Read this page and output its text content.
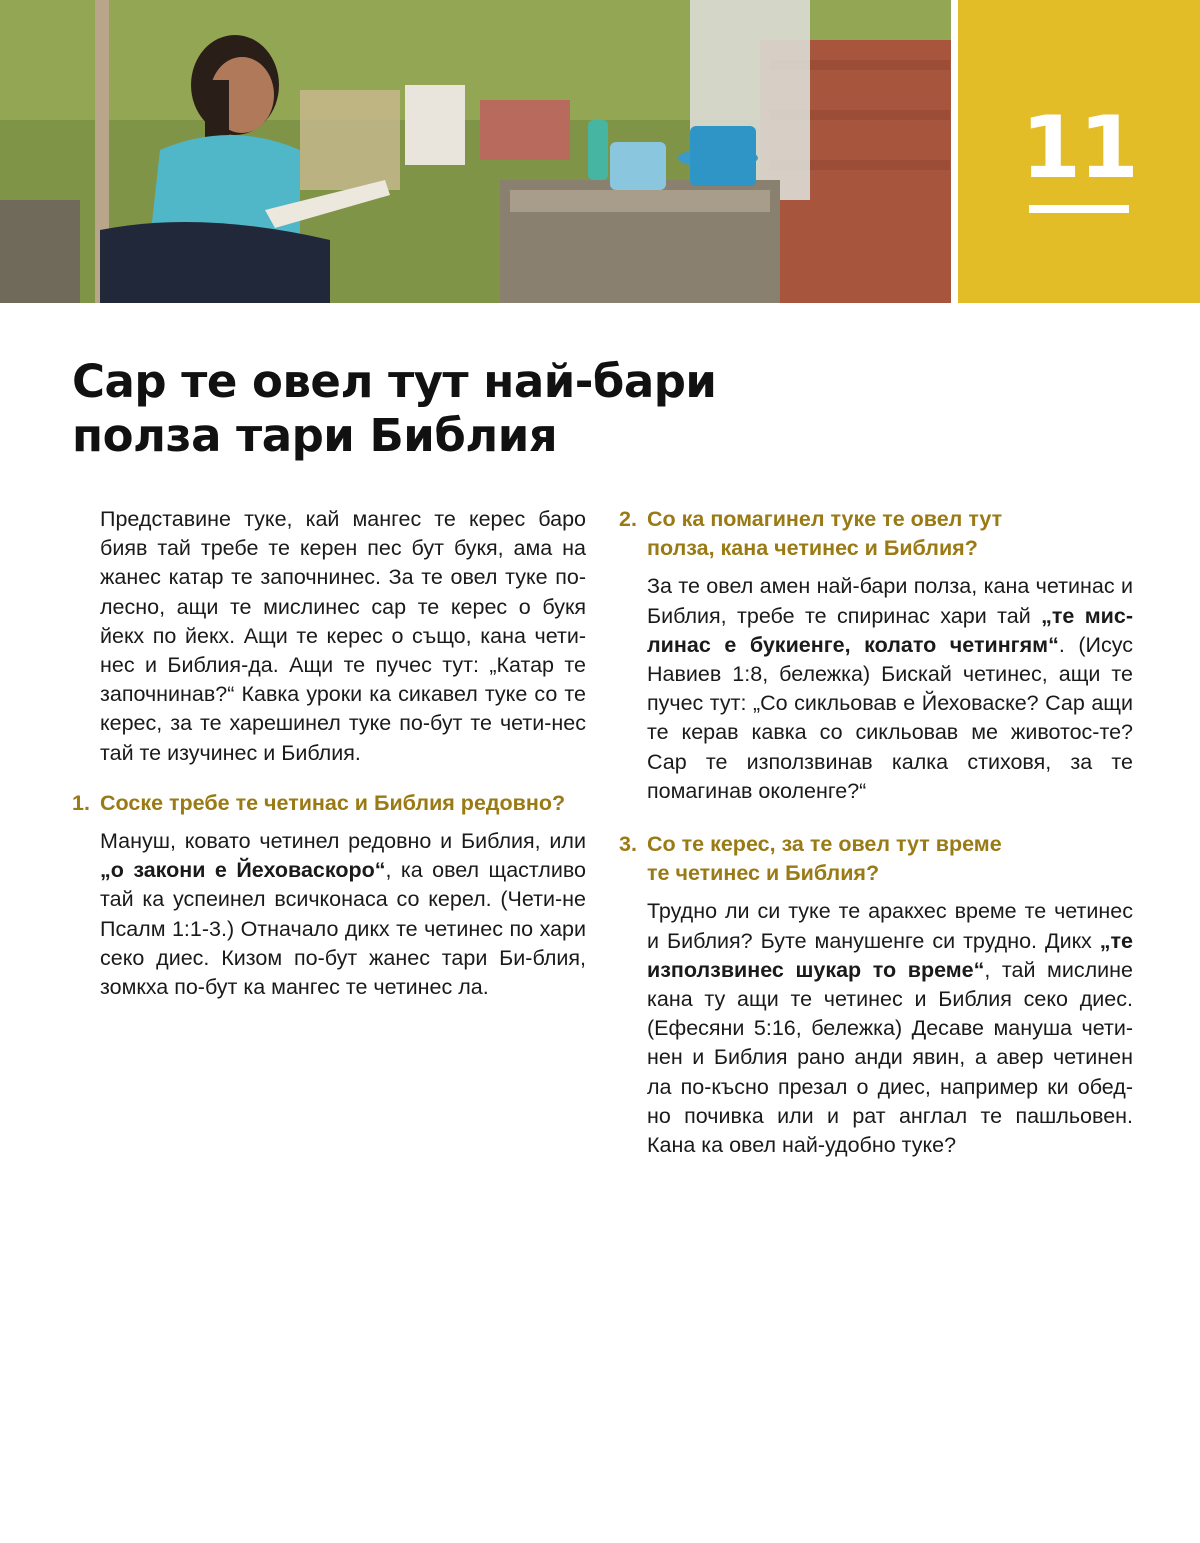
11
Сар те овел тут най-бари
полза тари Библия

Представине туке, кай мангес те керес баро бияв тай требе те керен пес бут букя, ама на жанес катар те започнинес. За те овел туке по-лесно, ащи те мислинес сар те керес о букя йекх по йекх. Ащи те керес о също, кана чети-нес и Библия-да. Ащи те пучес тут: „Катар те започнинав?“ Кавка уроки ка сикавел туке со те керес, за те харешинел туке по-бут те чети-нес тай те изучинес и Библия.

1. Соске требе те четинас и Библия редовно?

Мануш, ковато четинел редовно и Библия, или „о закони е Йеховаскоро“, ка овел щастливо тай ка успеинел всичконаса со керел. (Чети-не Псалм 1:1-3.) Отначало дикх те четинес по хари секо диес. Кизом по-бут жанес тари Би-блия, зомкха по-бут ка мангес те четинес ла.

2. Со ка помагинел туке те овел тут
полза, кана четинес и Библия?

За те овел амен най-бари полза, кана четинас и Библия, требе те спиринас хари тай „те мис-линас е букиенге, колато четингям“. (Исус Навиев 1:8, бележка) Бискай четинес, ащи те пучес тут: „Со сикльовав е Йеховаске? Сар ащи те керав кавка со сикльовав ме животос-те? Сар те използвинав калка стиховя, за те помагинав околенге?“

3. Со те керес, за те овел тут време
те четинес и Библия?

Трудно ли си туке те аракхес време те четинес и Библия? Буте манушенге си трудно. Дикх „те използвинес шукар то време“, тай мислине кана ту ащи те четинес и Библия секо диес. (Ефесяни 5:16, бележка) Десаве мануша чети-нен и Библия рано анди явин, а авер четинен ла по-късно презал о диес, например ки обед-но почивка или и рат англал те пашльовен. Кана ка овел най-удобно туке?
